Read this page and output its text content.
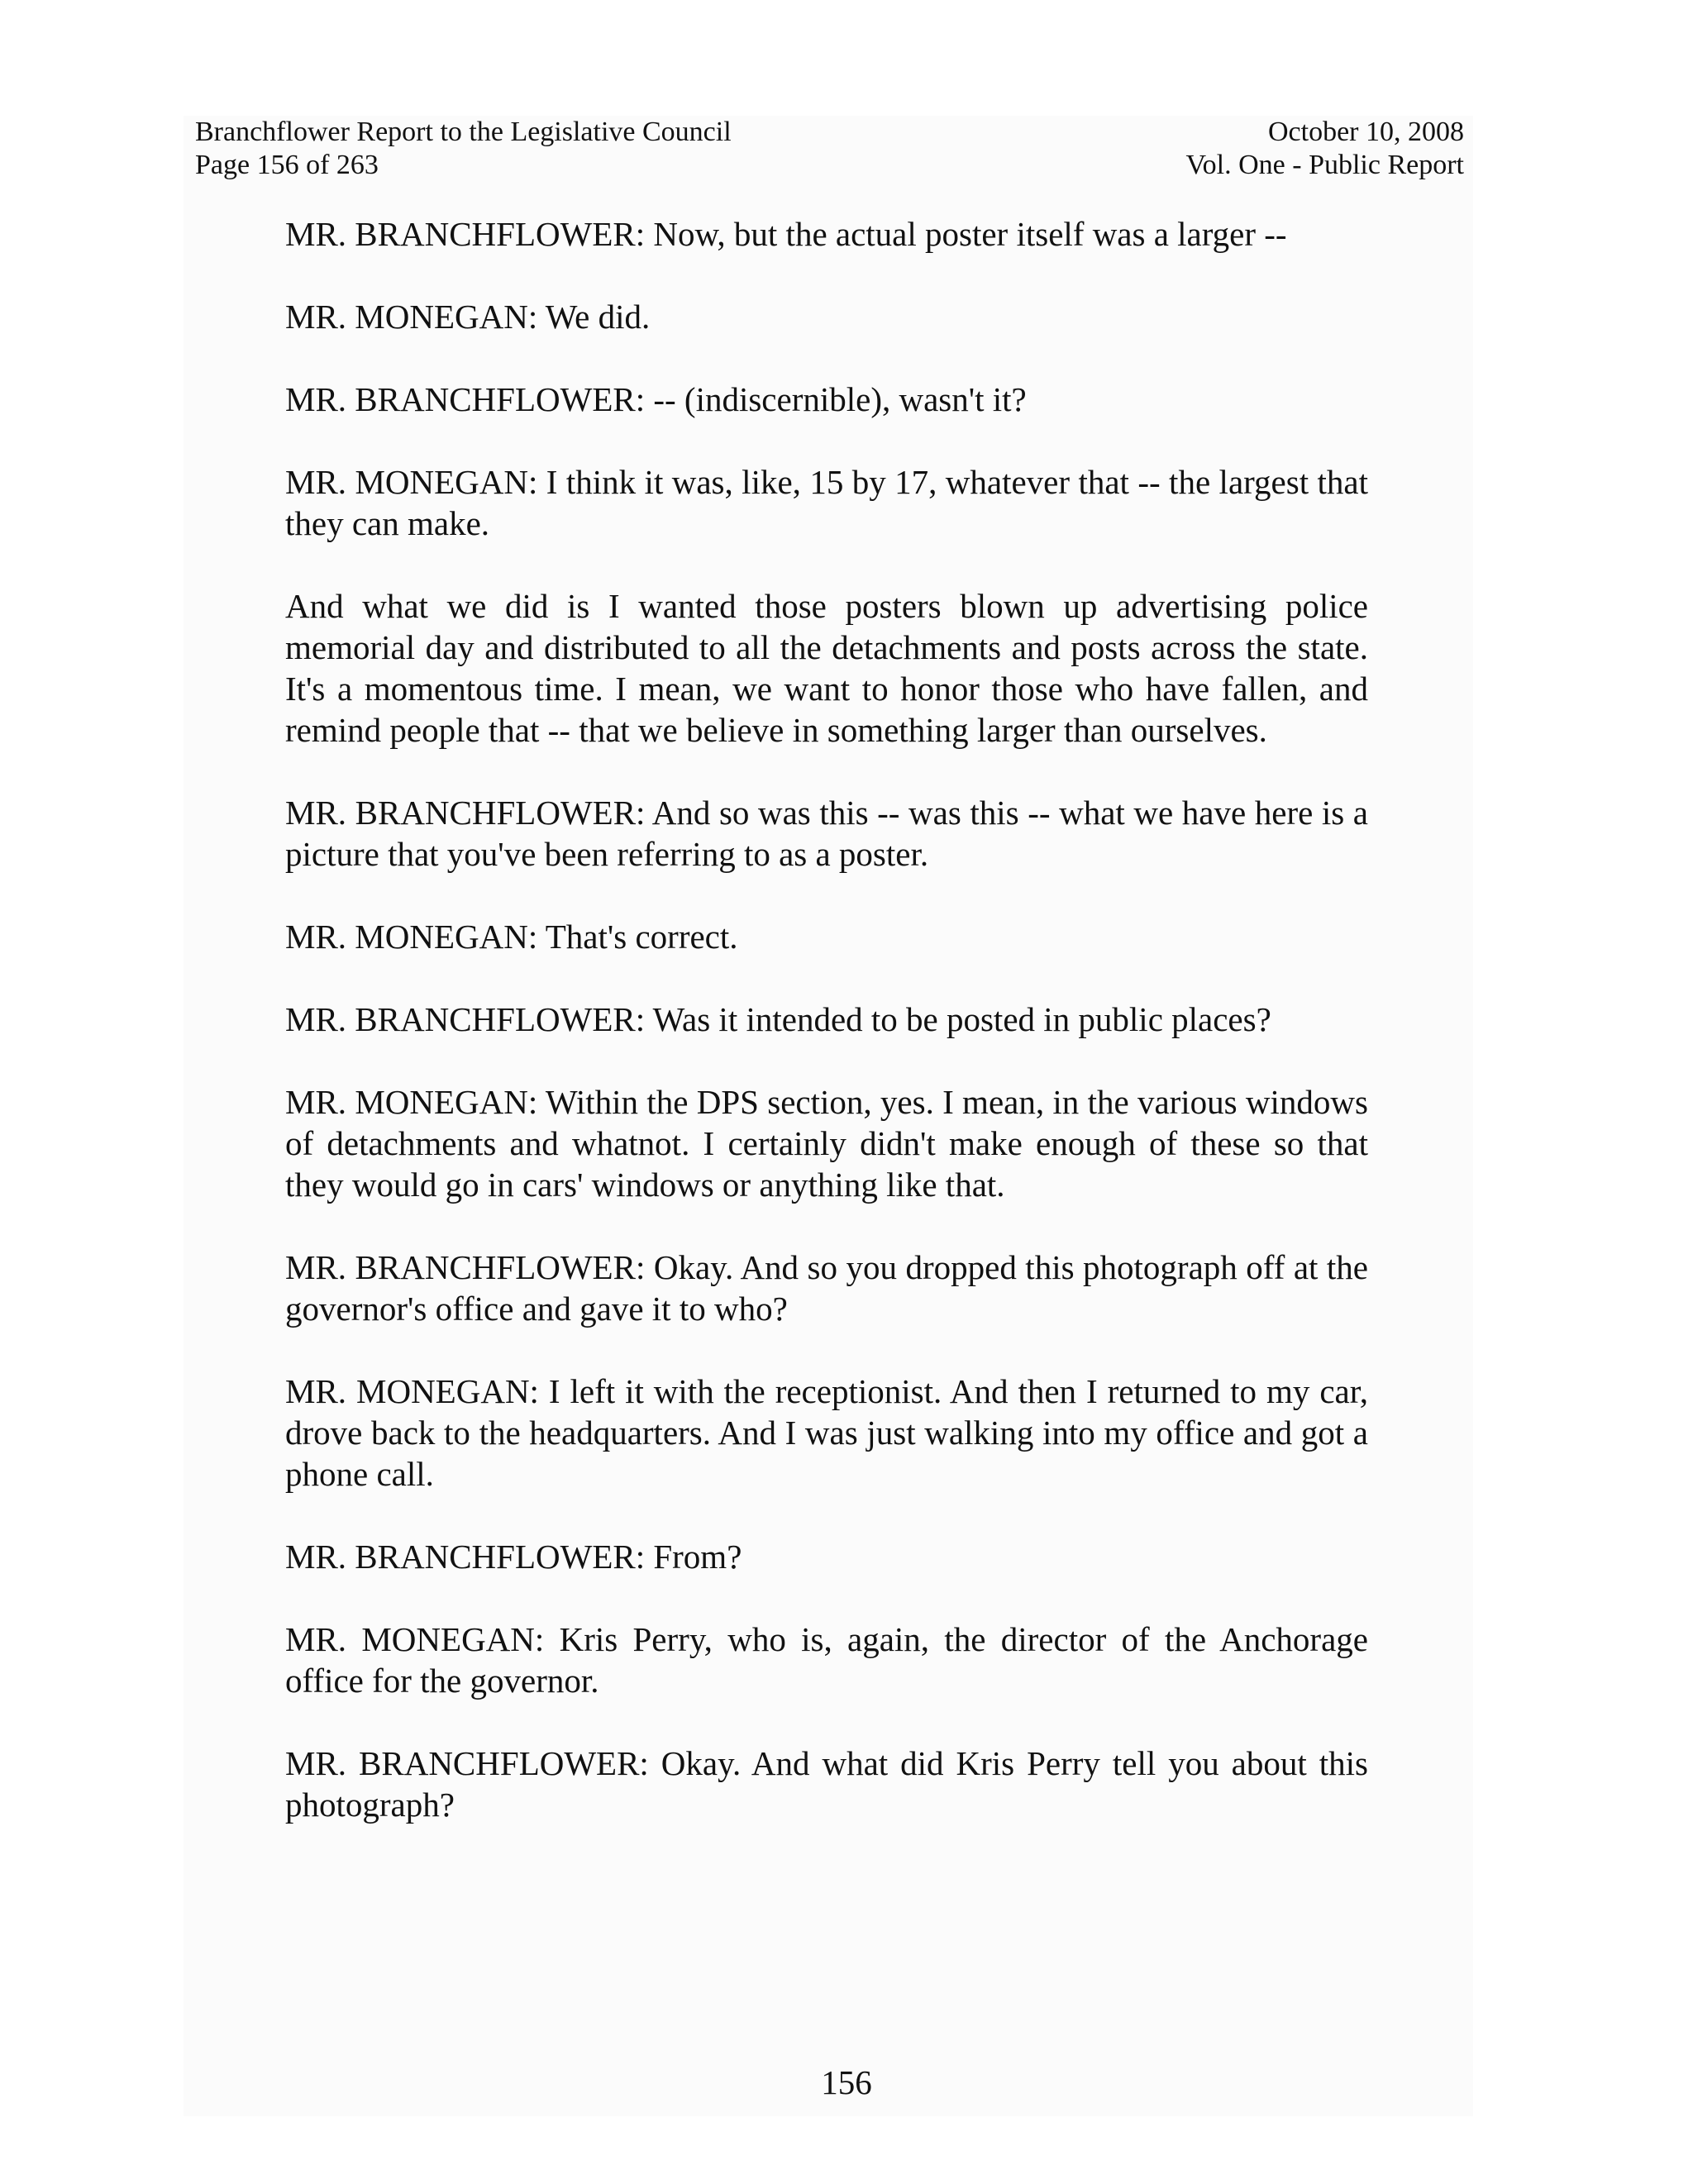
Branchflower Report to the Legislative Council
Page 156 of 263
October 10, 2008
Vol. One - Public Report

MR. BRANCHFLOWER: Now, but the actual poster itself was a larger --

MR. MONEGAN: We did.

MR. BRANCHFLOWER: -- (indiscernible), wasn't it?

MR. MONEGAN: I think it was, like, 15 by 17, whatever that -- the largest that they can make.

And what we did is I wanted those posters blown up advertising police memorial day and distributed to all the detachments and posts across the state. It's a momentous time. I mean, we want to honor those who have fallen, and remind people that -- that we believe in something larger than ourselves.

MR. BRANCHFLOWER: And so was this -- was this -- what we have here is a picture that you've been referring to as a poster.

MR. MONEGAN: That's correct.

MR. BRANCHFLOWER: Was it intended to be posted in public places?

MR. MONEGAN: Within the DPS section, yes. I mean, in the various windows of detachments and whatnot. I certainly didn't make enough of these so that they would go in cars' windows or anything like that.

MR. BRANCHFLOWER: Okay. And so you dropped this photograph off at the governor's office and gave it to who?

MR. MONEGAN: I left it with the receptionist. And then I returned to my car, drove back to the headquarters. And I was just walking into my office and got a phone call.

MR. BRANCHFLOWER: From?

MR. MONEGAN: Kris Perry, who is, again, the director of the Anchorage office for the governor.

MR. BRANCHFLOWER: Okay. And what did Kris Perry tell you about this photograph?

156
